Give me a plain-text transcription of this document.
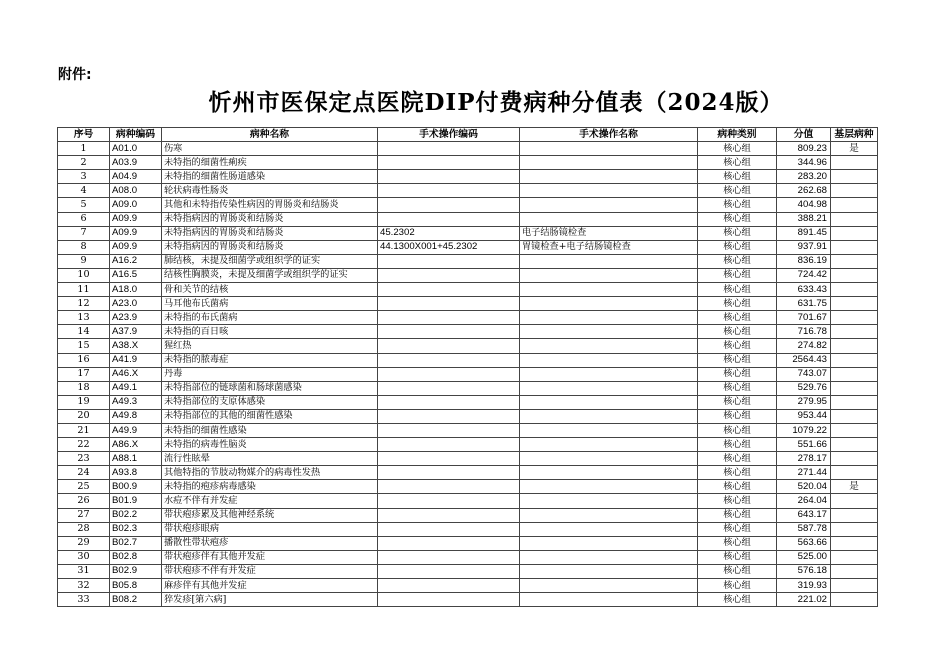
附件:
忻州市医保定点医院DIP付费病种分值表（2024版）
序号	病种编码	病种名称	手术操作编码	手术操作名称	病种类别	分值	基层病种
1	A01.0	伤寒			核心组	809.23	是
2	A03.9	未特指的细菌性痢疾			核心组	344.96	
3	A04.9	未特指的细菌性肠道感染			核心组	283.20	
4	A08.0	轮状病毒性肠炎			核心组	262.68	
5	A09.0	其他和未特指传染性病因的胃肠炎和结肠炎			核心组	404.98	
6	A09.9	未特指病因的胃肠炎和结肠炎			核心组	388.21	
7	A09.9	未特指病因的胃肠炎和结肠炎	45.2302	电子结肠镜检查	核心组	891.45	
8	A09.9	未特指病因的胃肠炎和结肠炎	44.1300X001+45.2302	胃镜检查+电子结肠镜检查	核心组	937.91	
9	A16.2	肺结核，未提及细菌学或组织学的证实			核心组	836.19	
10	A16.5	结核性胸膜炎，未提及细菌学或组织学的证实			核心组	724.42	
11	A18.0	骨和关节的结核			核心组	633.43	
12	A23.0	马耳他布氏菌病			核心组	631.75	
13	A23.9	未特指的布氏菌病			核心组	701.67	
14	A37.9	未特指的百日咳			核心组	716.78	
15	A38.X	猩红热			核心组	274.82	
16	A41.9	未特指的脓毒症			核心组	2564.43	
17	A46.X	丹毒			核心组	743.07	
18	A49.1	未特指部位的链球菌和肠球菌感染			核心组	529.76	
19	A49.3	未特指部位的支原体感染			核心组	279.95	
20	A49.8	未特指部位的其他的细菌性感染			核心组	953.44	
21	A49.9	未特指的细菌性感染			核心组	1079.22	
22	A86.X	未特指的病毒性脑炎			核心组	551.66	
23	A88.1	流行性眩晕			核心组	278.17	
24	A93.8	其他特指的节肢动物媒介的病毒性发热			核心组	271.44	
25	B00.9	未特指的疱疹病毒感染			核心组	520.04	是
26	B01.9	水痘不伴有并发症			核心组	264.04	
27	B02.2	带状疱疹累及其他神经系统			核心组	643.17	
28	B02.3	带状疱疹眼病			核心组	587.78	
29	B02.7	播散性带状疱疹			核心组	563.66	
30	B02.8	带状疱疹伴有其他并发症			核心组	525.00	
31	B02.9	带状疱疹不伴有并发症			核心组	576.18	
32	B05.8	麻疹伴有其他并发症			核心组	319.93	
33	B08.2	猝发疹[第六病]			核心组	221.02	
